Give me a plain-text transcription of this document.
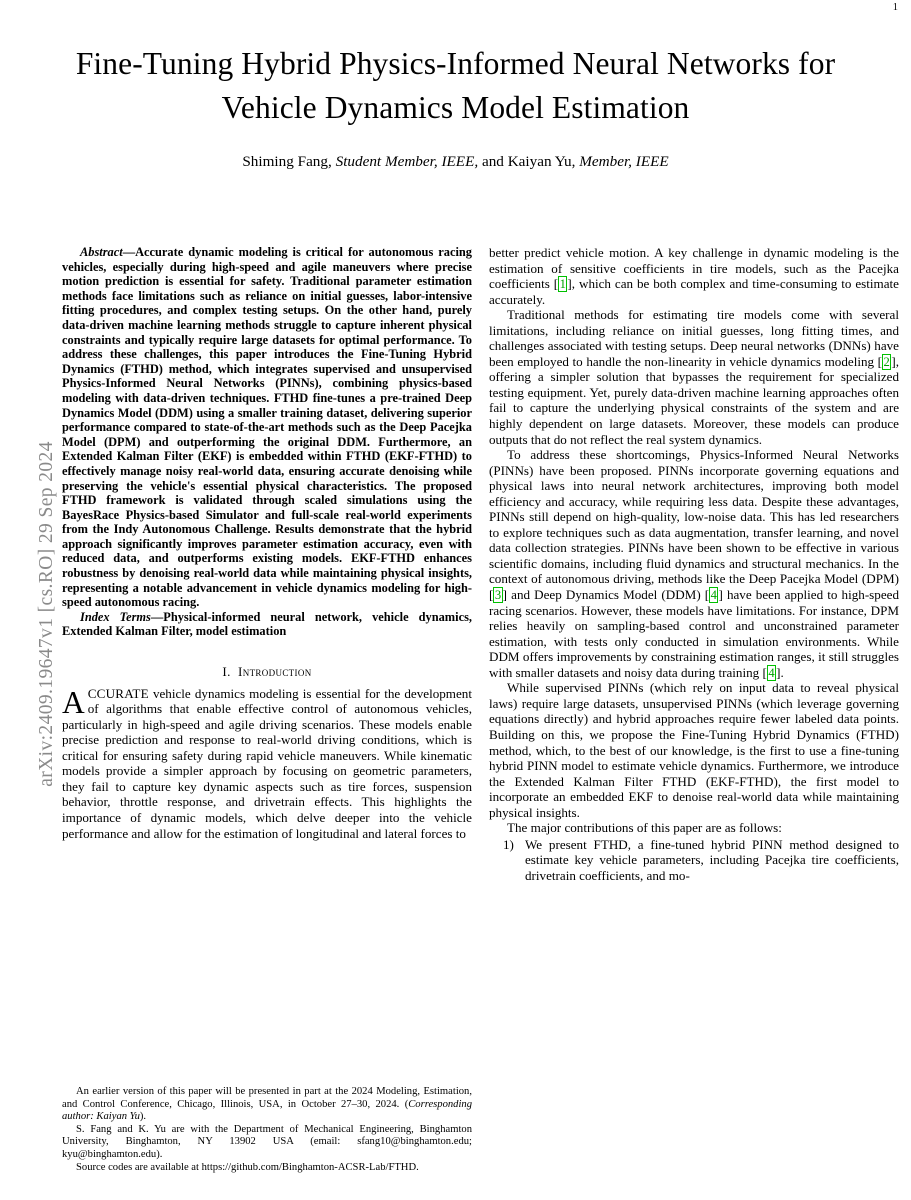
arXiv:2409.19647v1 [cs.RO] 29 Sep 2024
1
Fine-Tuning Hybrid Physics-Informed Neural Networks for Vehicle Dynamics Model Estimation
Shiming Fang, Student Member, IEEE, and Kaiyan Yu, Member, IEEE

Abstract—Accurate dynamic modeling is critical for autonomous racing vehicles, especially during high-speed and agile maneuvers where precise motion prediction is essential for safety. Traditional parameter estimation methods face limitations such as reliance on initial guesses, labor-intensive fitting procedures, and complex testing setups. On the other hand, purely data-driven machine learning methods struggle to capture inherent physical constraints and typically require large datasets for optimal performance. To address these challenges, this paper introduces the Fine-Tuning Hybrid Dynamics (FTHD) method, which integrates supervised and unsupervised Physics-Informed Neural Networks (PINNs), combining physics-based modeling with data-driven techniques. FTHD fine-tunes a pre-trained Deep Dynamics Model (DDM) using a smaller training dataset, delivering superior performance compared to state-of-the-art methods such as the Deep Pacejka Model (DPM) and outperforming the original DDM. Furthermore, an Extended Kalman Filter (EKF) is embedded within FTHD (EKF-FTHD) to effectively manage noisy real-world data, ensuring accurate denoising while preserving the vehicle's essential physical characteristics. The proposed FTHD framework is validated through scaled simulations using the BayesRace Physics-based Simulator and full-scale real-world experiments from the Indy Autonomous Challenge. Results demonstrate that the hybrid approach significantly improves parameter estimation accuracy, even with reduced data, and outperforms existing models. EKF-FTHD enhances robustness by denoising real-world data while maintaining physical insights, representing a notable advancement in vehicle dynamics modeling for high-speed autonomous racing.

Index Terms—Physical-informed neural network, vehicle dynamics, Extended Kalman Filter, model estimation

I. Introduction

ACCURATE vehicle dynamics modeling is essential for the development of algorithms that enable effective control of autonomous vehicles, particularly in high-speed and agile driving scenarios. These models enable precise prediction and response to real-world driving conditions, which is critical for ensuring safety during rapid vehicle maneuvers. While kinematic models provide a simpler approach by focusing on geometric parameters, they fail to capture key dynamic aspects such as tire forces, suspension behavior, throttle response, and drivetrain effects. This highlights the importance of dynamic models, which delve deeper into the vehicle performance and allow for the estimation of longitudinal and lateral forces to

better predict vehicle motion. A key challenge in dynamic modeling is the estimation of sensitive coefficients in tire models, such as the Pacejka coefficients [ 1 ], which can be both complex and time-consuming to estimate accurately.

Traditional methods for estimating tire models come with several limitations, including reliance on initial guesses, long fitting times, and challenges associated with testing setups. Deep neural networks (DNNs) have been employed to handle the non-linearity in vehicle dynamics modeling [ 2 ], offering a simpler solution that bypasses the requirement for specialized testing equipment. Yet, purely data-driven machine learning approaches often fail to capture the underlying physical constraints of the system and are highly dependent on large datasets. Moreover, these models can produce outputs that do not reflect the real system dynamics.

To address these shortcomings, Physics-Informed Neural Networks (PINNs) have been proposed. PINNs incorporate governing equations and physical laws into neural network architectures, improving both model efficiency and accuracy, while requiring less data. Despite these advantages, PINNs still depend on high-quality, low-noise data. This has led researchers to explore techniques such as data augmentation, transfer learning, and novel data collection strategies. PINNs have been shown to be effective in various scientific domains, including fluid dynamics and structural mechanics. In the context of autonomous driving, methods like the Deep Pacejka Model (DPM) [ 3 ] and Deep Dynamics Model (DDM) [ 4 ] have been applied to high-speed racing scenarios. However, these models have limitations. For instance, DPM relies heavily on sampling-based control and unconstrained parameter estimation, with tests only conducted in simulation environments. While DDM offers improvements by constraining estimation ranges, it still struggles with smaller datasets and noisy data during training [ 4 ].

While supervised PINNs (which rely on input data to reveal physical laws) require large datasets, unsupervised PINNs (which leverage governing equations directly) and hybrid approaches require fewer labeled data points. Building on this, we propose the Fine-Tuning Hybrid Dynamics (FTHD) method, which, to the best of our knowledge, is the first to use a fine-tuning hybrid PINN model to estimate vehicle dynamics. Furthermore, we introduce the Extended Kalman Filter FTHD (EKF-FTHD), the first model to incorporate an embedded EKF to denoise real-world data while maintaining physical insights.

The major contributions of this paper are as follows:

1) We present FTHD, a fine-tuned hybrid PINN method designed to estimate key vehicle parameters, including Pacejka tire coefficients, drivetrain coefficients, and mo-

An earlier version of this paper will be presented in part at the 2024 Modeling, Estimation, and Control Conference, Chicago, Illinois, USA, in October 27–30, 2024. (Corresponding author: Kaiyan Yu).

S. Fang and K. Yu are with the Department of Mechanical Engineering, Binghamton University, Binghamton, NY 13902 USA (email: sfang10@binghamton.edu; kyu@binghamton.edu).

Source codes are available at https://github.com/Binghamton-ACSR-Lab/FTHD.
